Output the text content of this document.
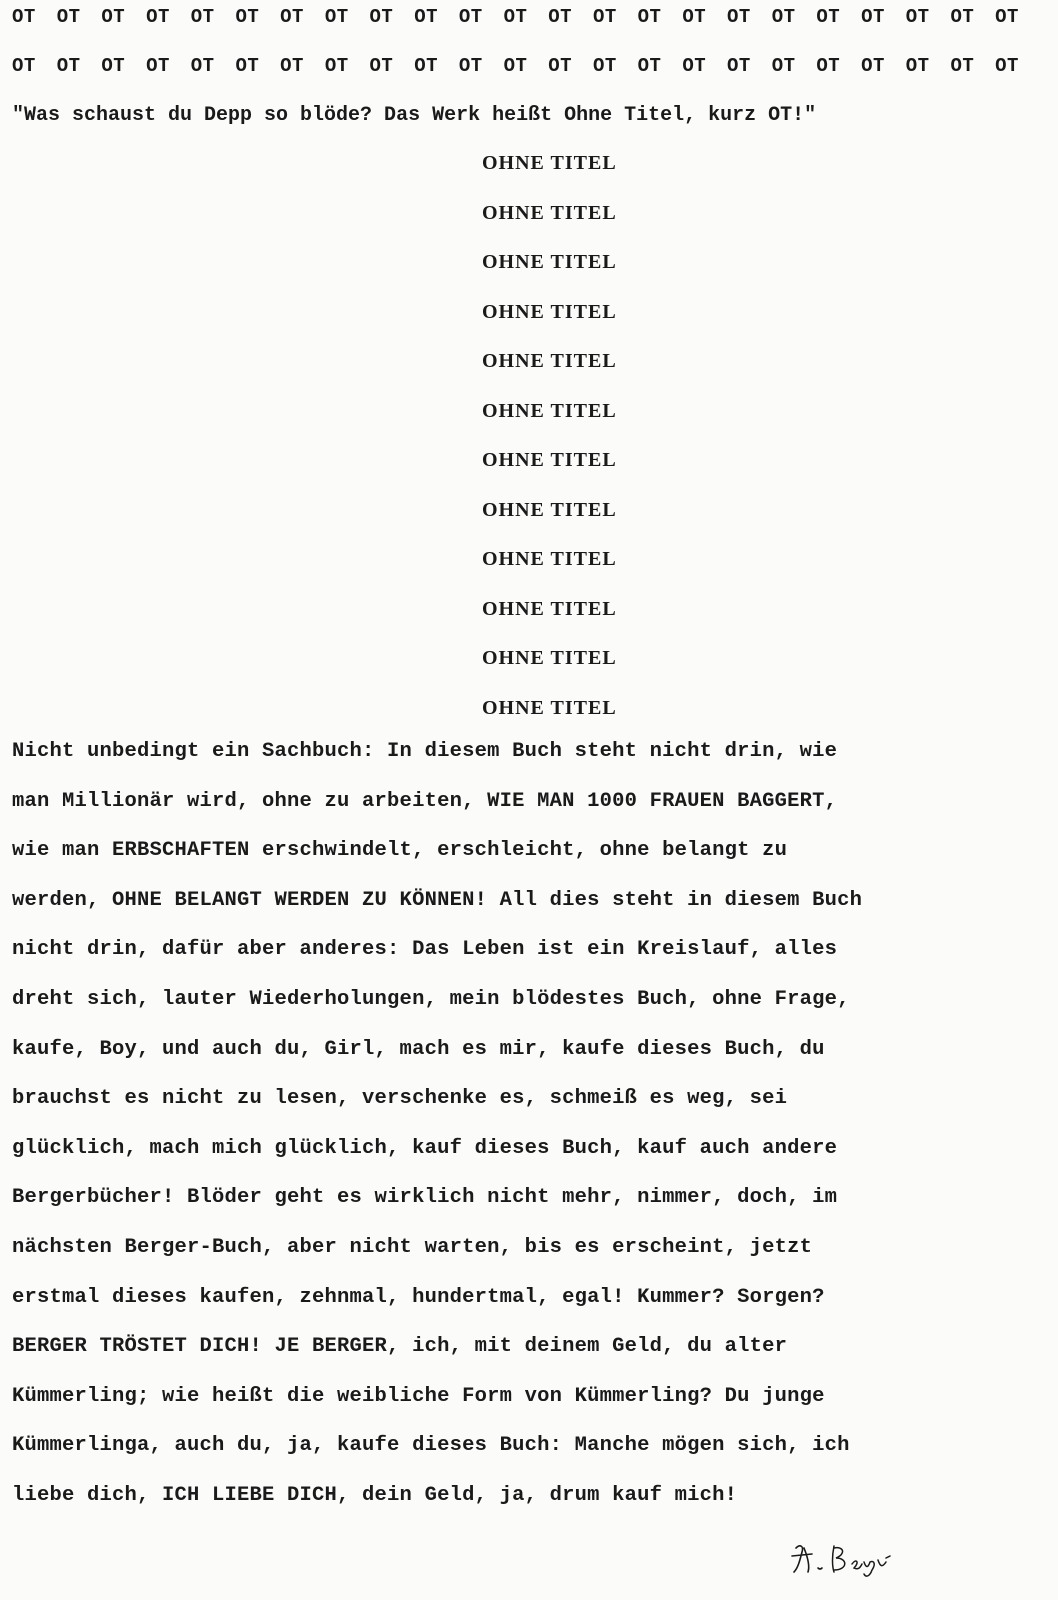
OT OT OT OT OT OT OT OT OT OT OT OT OT OT OT OT OT OT OT OT OT OT OT
OT OT OT OT OT OT OT OT OT OT OT OT OT OT OT OT OT OT OT OT OT OT OT
"Was schaust du Depp so blöde? Das Werk heißt Ohne Titel, kurz OT!"
OHNE TITEL
OHNE TITEL
OHNE TITEL
OHNE TITEL
OHNE TITEL
OHNE TITEL
OHNE TITEL
OHNE TITEL
OHNE TITEL
OHNE TITEL
OHNE TITEL
OHNE TITEL
Nicht unbedingt ein Sachbuch: In diesem Buch steht nicht drin, wie
man Millionär wird, ohne zu arbeiten, WIE MAN 1000 FRAUEN BAGGERT,
wie man ERBSCHAFTEN erschwindelt, erschleicht, ohne belangt zu
werden, OHNE BELANGT WERDEN ZU KÖNNEN! All dies steht in diesem Buch
nicht drin, dafür aber anderes: Das Leben ist ein Kreislauf, alles
dreht sich, lauter Wiederholungen, mein blödestes Buch, ohne Frage,
kaufe, Boy, und auch du, Girl, mach es mir, kaufe dieses Buch, du
brauchst es nicht zu lesen, verschenke es, schmeiß es weg, sei
glücklich, mach mich glücklich, kauf dieses Buch, kauf auch andere
Bergerbücher! Blöder geht es wirklich nicht mehr, nimmer, doch, im
nächsten Berger-Buch, aber nicht warten, bis es erscheint, jetzt
erstmal dieses kaufen, zehnmal, hundertmal, egal! Kummer? Sorgen?
BERGER TRÖSTET DICH! JE BERGER, ich, mit deinem Geld, du alter
Kümmerling; wie heißt die weibliche Form von Kümmerling? Du junge
Kümmerlinga, auch du, ja, kaufe dieses Buch: Manche mögen sich, ich
liebe dich, ICH LIEBE DICH, dein Geld, ja, drum kauf mich!
